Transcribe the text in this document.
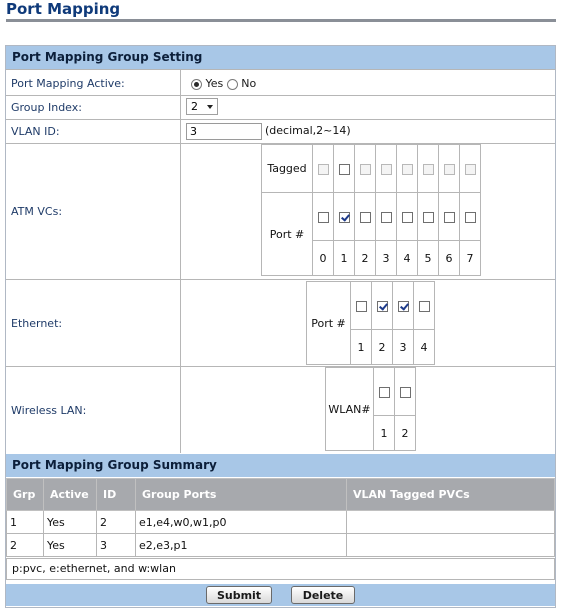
Port Mapping
Port Mapping Group Setting
Port Mapping Active:	Yes No
Group Index:	2
VLAN ID:	3	(decimal,2~14)
ATM VCs:
Tagged								
Port #								
	0	1	2	3	4	5	6	7
Ethernet:	Port #				
	1	2	3	4
Wireless LAN:	WLAN#		
	1	2
Port Mapping Group Summary
Grp	Active	ID	Group Ports	VLAN Tagged PVCs
1	Yes	2	e1,e4,w0,w1,p0	
2	Yes	3	e2,e3,p1	
p:pvc, e:ethernet, and w:wlan
Submit	Delete
